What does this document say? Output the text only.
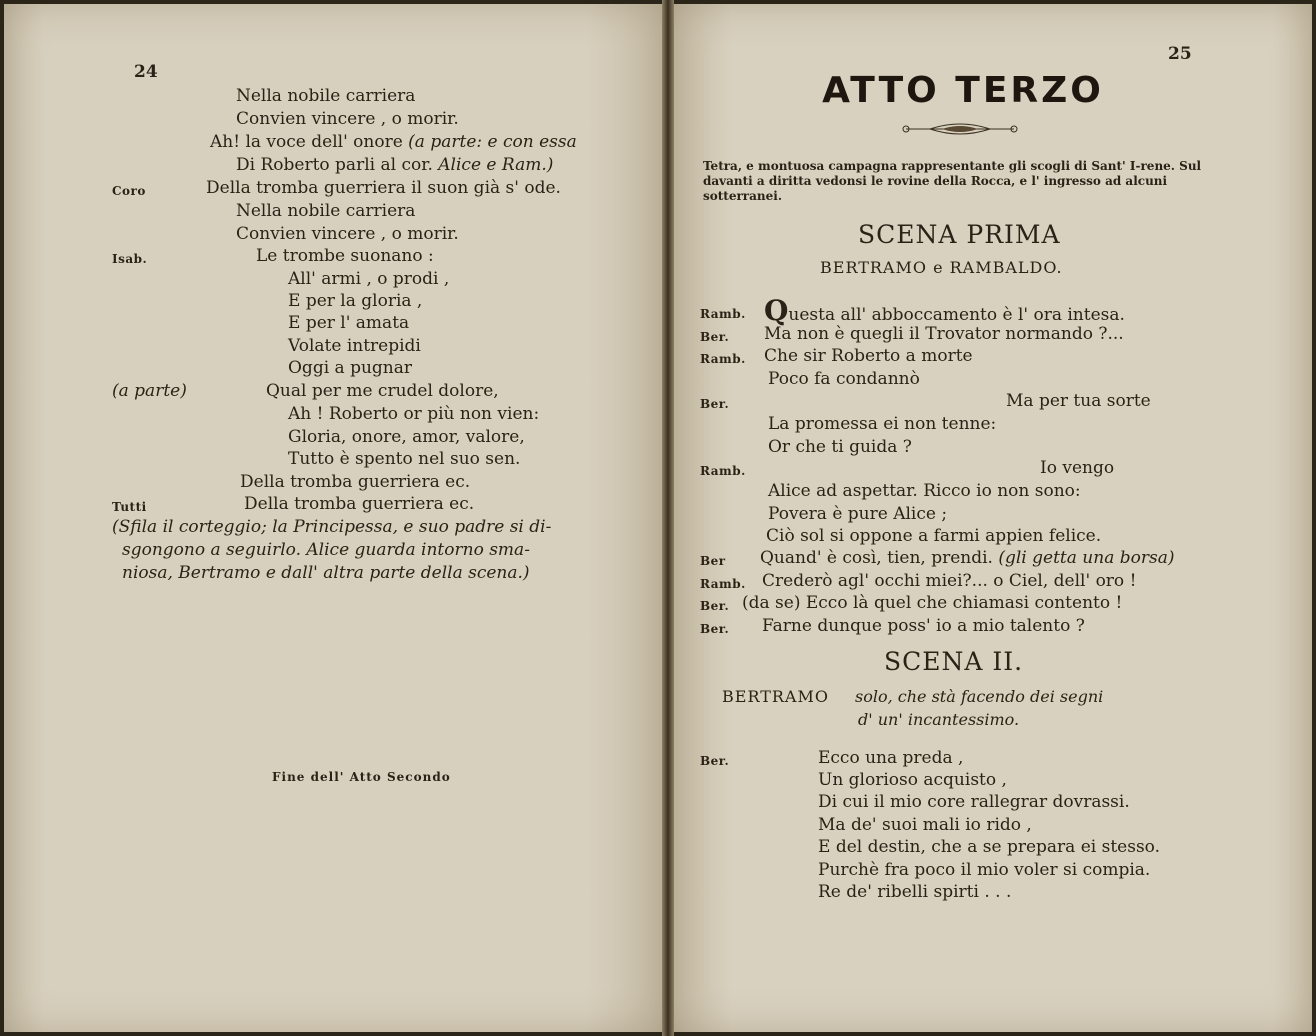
24
Nella nobile carriera
Convien vincere , o morir.
Ah! la voce dell' onore (a parte: e con essa
Di Roberto parli al cor. Alice e Ram.)
Coro	Della tromba guerriera il suon già s' ode.
Nella nobile carriera
Convien vincere , o morir.
Isab.	Le trombe suonano :
All' armi , o prodi ,
E per la gloria ,
E per l' amata
Volate intrepidi
Oggi a pugnar
(a parte)	Qual per me crudel dolore,
Ah ! Roberto or più non vien:
Gloria, onore, amor, valore,
Tutto è spento nel suo sen.
Della tromba guerriera ec.
Tutti	Della tromba guerriera ec.
(Sfila il corteggio; la Principessa, e suo padre si di-
sgongono a seguirlo. Alice guarda intorno sma-
niosa, Bertramo e dall' altra parte della scena.)
Fine dell' Atto Secondo
25
ATTO TERZO
Tetra, e montuosa campagna rappresentante gli scogli di Sant' I-rene. Sul davanti a diritta vedonsi le rovine della Rocca, e l' ingresso ad alcuni sotterranei.
SCENA PRIMA
BERTRAMO e RAMBALDO.
Ramb. Questa all' abboccamento è l' ora intesa.
Ber. Ma non è quegli il Trovator normando ?...
Ramb. Che sir Roberto a morte
Poco fa condannò
Ber.	Ma per tua sorte
La promessa ei non tenne:
Or che ti guida ?
Ramb.	Io vengo
Alice ad aspettar. Ricco io non sono:
Povera è pure Alice ;
Ciò sol si oppone a farmi appien felice.
Ber Quand' è così, tien, prendi. (gli getta una borsa)
Ramb. Crederò agl' occhi miei?... o Ciel, dell' oro !
Ber. (da se) Ecco là quel che chiamasi contento !
Ber. Farne dunque poss' io a mio talento ?
SCENA II.
BERTRAMO solo, che stà facendo dei segni
d' un' incantessimo.
Ber.	Ecco una preda ,
Un glorioso acquisto ,
Di cui il mio core rallegrar dovrassi.
Ma de' suoi mali io rido ,
E del destin, che a se prepara ei stesso.
Purchè fra poco il mio voler si compia.
Re de' ribelli spirti . . .
